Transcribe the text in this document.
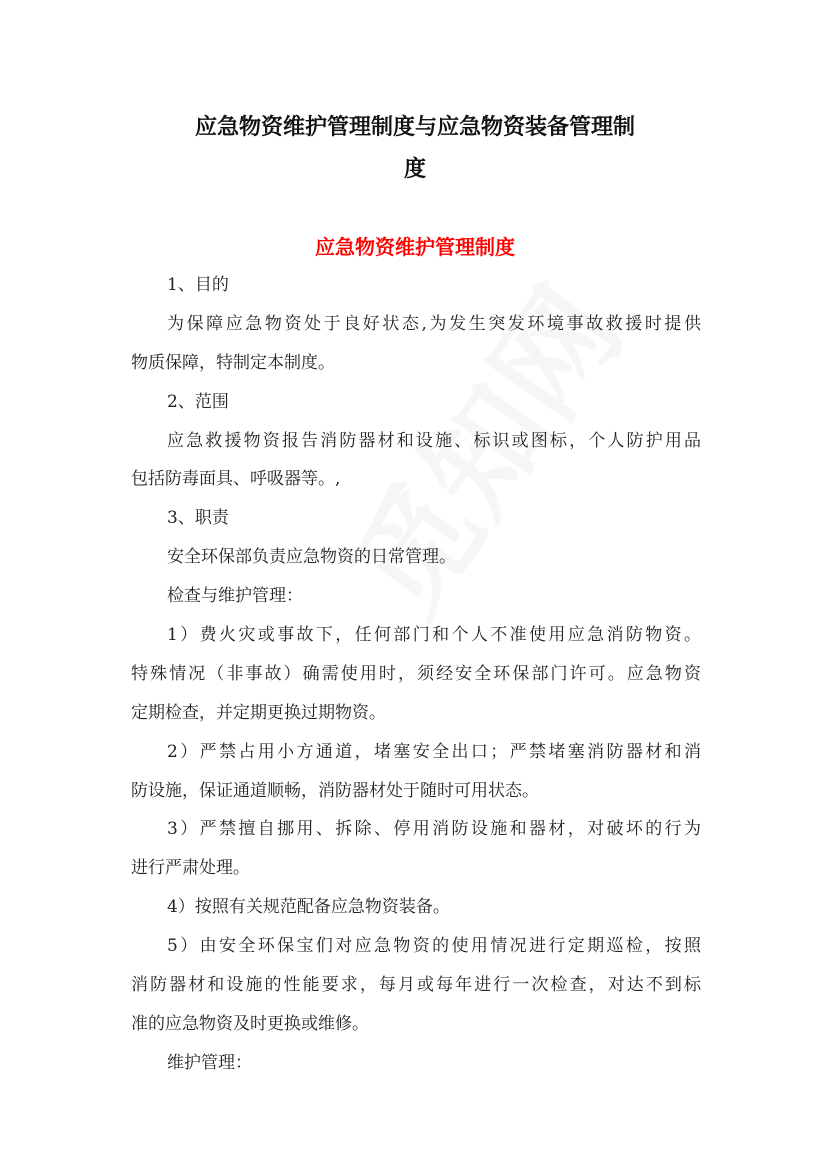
应急物资维护管理制度与应急物资装备管理制
度
应急物资维护管理制度
1、目的
为保障应急物资处于良好状态,为发生突发环境事故救援时提供
物质保障，特制定本制度。
2、范围
应急救援物资报告消防器材和设施、标识或图标，个人防护用品
包括防毒面具、呼吸器等。,
3、职责
安全环保部负责应急物资的日常管理。
检查与维护管理：
1）费火灾或事故下，任何部门和个人不准使用应急消防物资。
特殊情况（非事故）确需使用时，须经安全环保部门许可。应急物资
定期检查，并定期更换过期物资。
2）严禁占用小方通道，堵塞安全出口；严禁堵塞消防器材和消
防设施，保证通道顺畅，消防器材处于随时可用状态。
3）严禁擅自挪用、拆除、停用消防设施和器材，对破坏的行为
进行严肃处理。
4）按照有关规范配备应急物资装备。
5）由安全环保宝们对应急物资的使用情况进行定期巡检，按照
消防器材和设施的性能要求，每月或每年进行一次检查，对达不到标
准的应急物资及时更换或维修。
维护管理：
